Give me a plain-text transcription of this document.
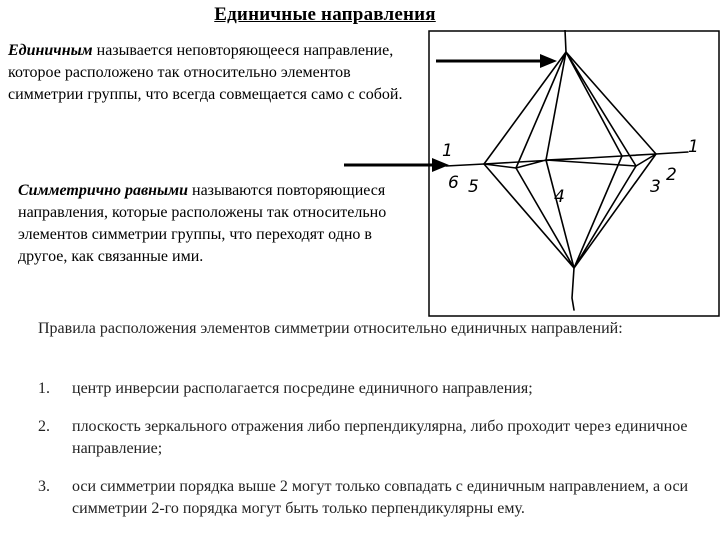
Единичные направления
Единичным называется неповторяющееся направление, которое расположено так относительно элементов симметрии группы, что всегда совмещается само с собой.
Симметрично равными называются повторяющиеся направления, которые расположены так относительно элементов симметрии группы, что переходят одно в другое, как связанные ими.
1
6 5	4	3
2
1
Правила расположения элементов симметрии относительно единичных направлений:
1. центр инверсии располагается посредине единичного направления;
2. плоскость зеркального отражения либо перпендикулярна, либо проходит через единичное направление;
3. оси симметрии порядка выше 2 могут только совпадать с единичным направлением, а оси симметрии 2-го порядка могут быть только перпендикулярны ему.
